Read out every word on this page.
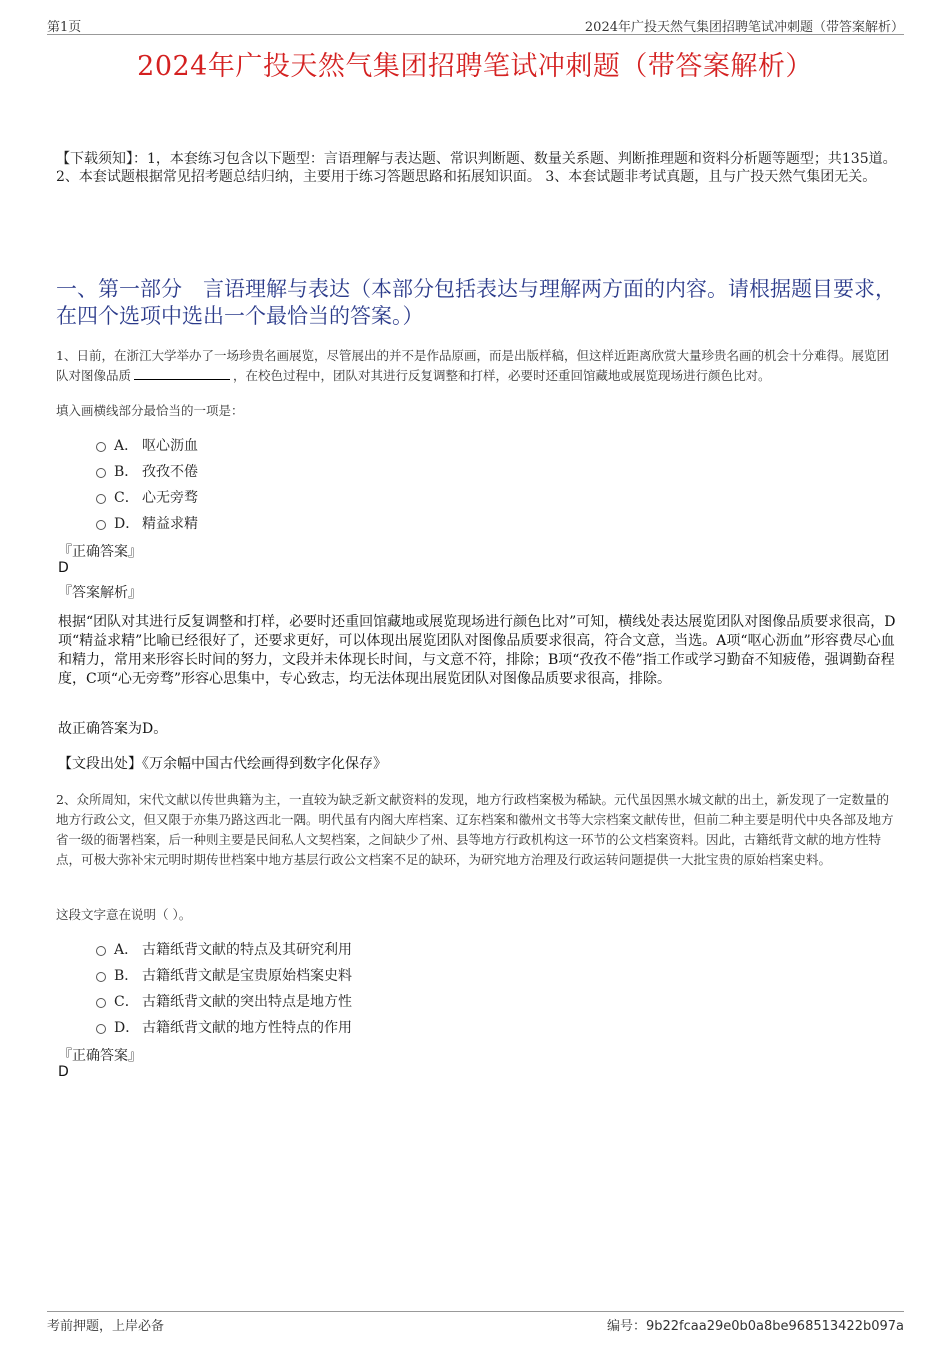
第1页	2024年广投天然气集团招聘笔试冲刺题（带答案解析）
2024年广投天然气集团招聘笔试冲刺题（带答案解析）
【下载须知】：1，本套练习包含以下题型：言语理解与表达题、常识判断题、数量关系题、判断推理题和资料分析题等题型；共135道。 2、本套试题根据常见招考题总结归纳，主要用于练习答题思路和拓展知识面。 3、本套试题非考试真题，且与广投天然气集团无关。
一、第一部分　言语理解与表达（本部分包括表达与理解两方面的内容。请根据题目要求，在四个选项中选出一个最恰当的答案。）
1、日前，在浙江大学举办了一场珍贵名画展览，尽管展出的并不是作品原画，而是出版样稿，但这样近距离欣赏大量珍贵名画的机会十分难得。展览团队对图像品质	，在校色过程中，团队对其进行反复调整和打样，必要时还重回馆藏地或展览现场进行颜色比对。
填入画横线部分最恰当的一项是：
A． 呕心沥血
B． 孜孜不倦
C． 心无旁骛
D． 精益求精
『正确答案』
D
『答案解析』
根据“团队对其进行反复调整和打样，必要时还重回馆藏地或展览现场进行颜色比对”可知，横线处表达展览团队对图像品质要求很高，D项“精益求精”比喻已经很好了，还要求更好，可以体现出展览团队对图像品质要求很高，符合文意，当选。A项“呕心沥血”形容费尽心血和精力，常用来形容长时间的努力，文段并未体现长时间，与文意不符，排除；B项“孜孜不倦”指工作或学习勤奋不知疲倦，强调勤奋程度，C项“心无旁骛”形容心思集中，专心致志，均无法体现出展览团队对图像品质要求很高，排除。
故正确答案为D。
【文段出处】《万余幅中国古代绘画得到数字化保存》
2、众所周知，宋代文献以传世典籍为主，一直较为缺乏新文献资料的发现，地方行政档案极为稀缺。元代虽因黑水城文献的出土，新发现了一定数量的地方行政公文，但又限于亦集乃路这西北一隅。明代虽有内阁大库档案、辽东档案和徽州文书等大宗档案文献传世，但前二种主要是明代中央各部及地方省一级的衙署档案，后一种则主要是民间私人文契档案，之间缺少了州、县等地方行政机构这一环节的公文档案资料。因此，古籍纸背文献的地方性特点，可极大弥补宋元明时期传世档案中地方基层行政公文档案不足的缺环，为研究地方治理及行政运转问题提供一大批宝贵的原始档案史料。
这段文字意在说明（ ）。
A． 古籍纸背文献的特点及其研究利用
B． 古籍纸背文献是宝贵原始档案史料
C． 古籍纸背文献的突出特点是地方性
D． 古籍纸背文献的地方性特点的作用
『正确答案』
D
考前押题，上岸必备	编号：9b22fcaa29e0b0a8be968513422b097a
